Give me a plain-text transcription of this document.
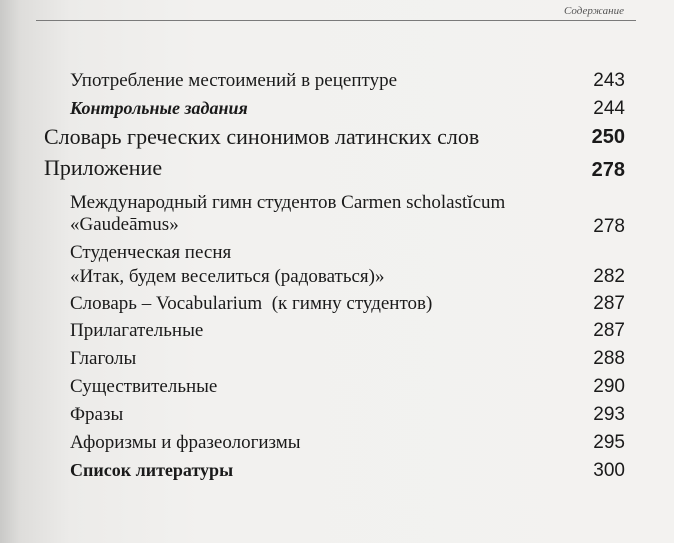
Содержание
Употребление местоимений в рецептуре	243
Контрольные задания	244
Словарь греческих синонимов латинских слов	250
Приложение	278
Международный гимн студентов Carmen scholastĭcum
«Gaudeāmus»	278
Студенческая песня
«Итак, будем веселиться (радоваться)»	282
Словарь – Vocabularium  (к гимну студентов)	287
Прилагательные	287
Глаголы	288
Существительные	290
Фразы	293
Афоризмы и фразеологизмы	295
Список литературы	300
